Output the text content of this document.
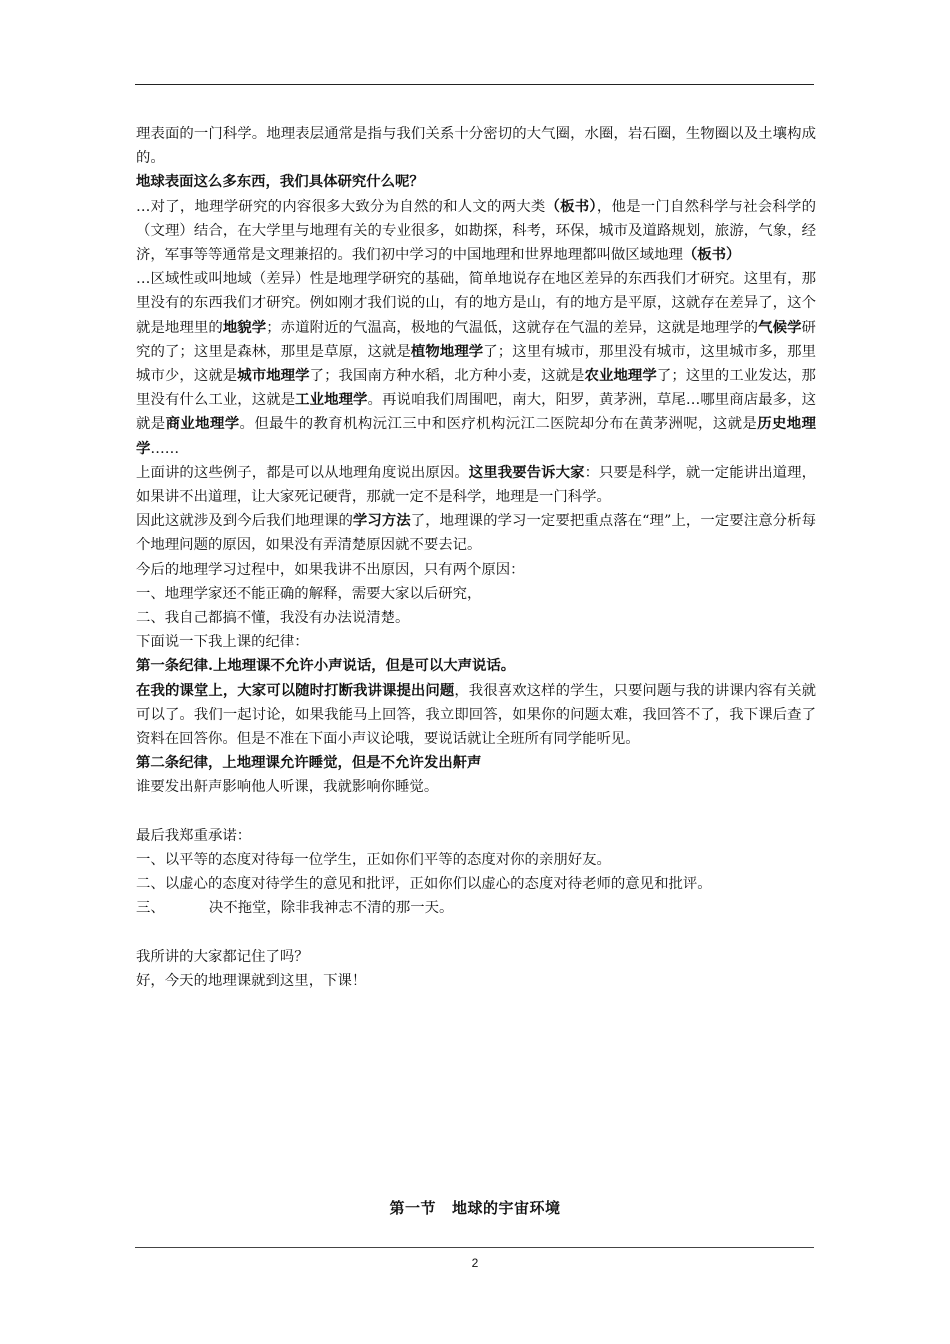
理表面的一门科学。地理表层通常是指与我们关系十分密切的大气圈，水圈，岩石圈，生物圈以及土壤构成的。

地球表面这么多东西，我们具体研究什么呢？

…对了，地理学研究的内容很多大致分为自然的和人文的两大类（板书），他是一门自然科学与社会科学的（文理）结合，在大学里与地理有关的专业很多，如勘探，科考，环保，城市及道路规划，旅游，气象，经济，军事等等通常是文理兼招的。我们初中学习的中国地理和世界地理都叫做区域地理（板书）

…区域性或叫地域（差异）性是地理学研究的基础，简单地说存在地区差异的东西我们才研究。这里有，那里没有的东西我们才研究。例如刚才我们说的山，有的地方是山，有的地方是平原，这就存在差异了，这个就是地理里的地貌学；赤道附近的气温高，极地的气温低，这就存在气温的差异，这就是地理学的气候学研究的了；这里是森林，那里是草原，这就是植物地理学了；这里有城市，那里没有城市，这里城市多，那里城市少，这就是城市地理学了；我国南方种水稻，北方种小麦，这就是农业地理学了；这里的工业发达，那里没有什么工业，这就是工业地理学。再说咱我们周围吧，南大，阳罗，黄茅洲，草尾…哪里商店最多，这就是商业地理学。但最牛的教育机构沅江三中和医疗机构沅江二医院却分布在黄茅洲呢，这就是历史地理学……

上面讲的这些例子，都是可以从地理角度说出原因。这里我要告诉大家：只要是科学，就一定能讲出道理，如果讲不出道理，让大家死记硬背，那就一定不是科学，地理是一门科学。

因此这就涉及到今后我们地理课的学习方法了，地理课的学习一定要把重点落在“理”上，一定要注意分析每个地理问题的原因，如果没有弄清楚原因就不要去记。

今后的地理学习过程中，如果我讲不出原因，只有两个原因：

一、地理学家还不能正确的解释，需要大家以后研究，

二、我自己都搞不懂，我没有办法说清楚。

下面说一下我上课的纪律：

第一条纪律.上地理课不允许小声说话，但是可以大声说话。

在我的课堂上，大家可以随时打断我讲课提出问题，我很喜欢这样的学生，只要问题与我的讲课内容有关就可以了。我们一起讨论，如果我能马上回答，我立即回答，如果你的问题太难，我回答不了，我下课后查了资料在回答你。但是不准在下面小声议论哦，要说话就让全班所有同学能听见。

第二条纪律，上地理课允许睡觉，但是不允许发出鼾声

谁要发出鼾声影响他人听课，我就影响你睡觉。

最后我郑重承诺：

一、以平等的态度对待每一位学生，正如你们平等的态度对你的亲朋好友。

二、以虚心的态度对待学生的意见和批评，正如你们以虚心的态度对待老师的意见和批评。

三、	决不拖堂，除非我神志不清的那一天。

我所讲的大家都记住了吗？

好，今天的地理课就到这里，下课！

第一节 地球的宇宙环境
2
